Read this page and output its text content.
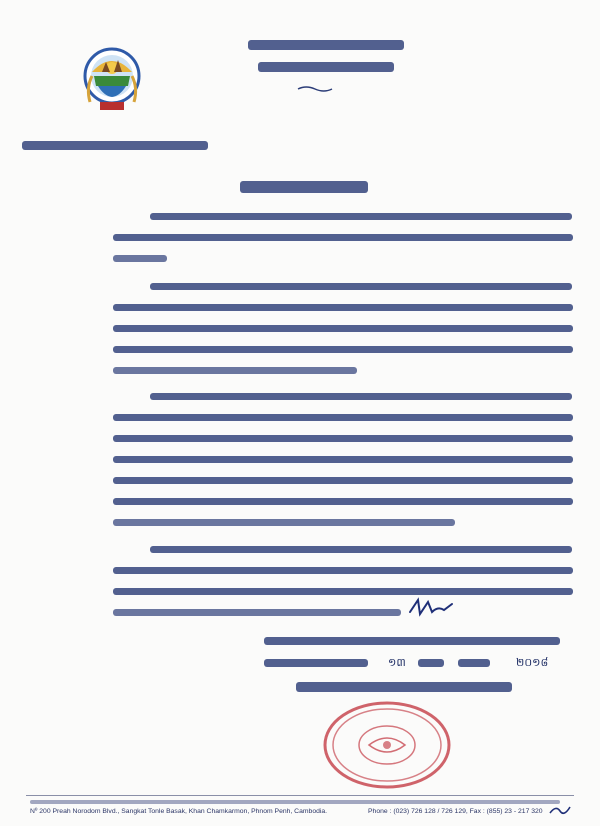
១៣	២០១៨
Nº 200 Preah Norodom Blvd., Sangkat Tonle Basak, Khan Chamkarmon, Phnom Penh, Cambodia.	Phone : (023) 726 128 / 726 129, Fax : (855) 23 - 217 320
